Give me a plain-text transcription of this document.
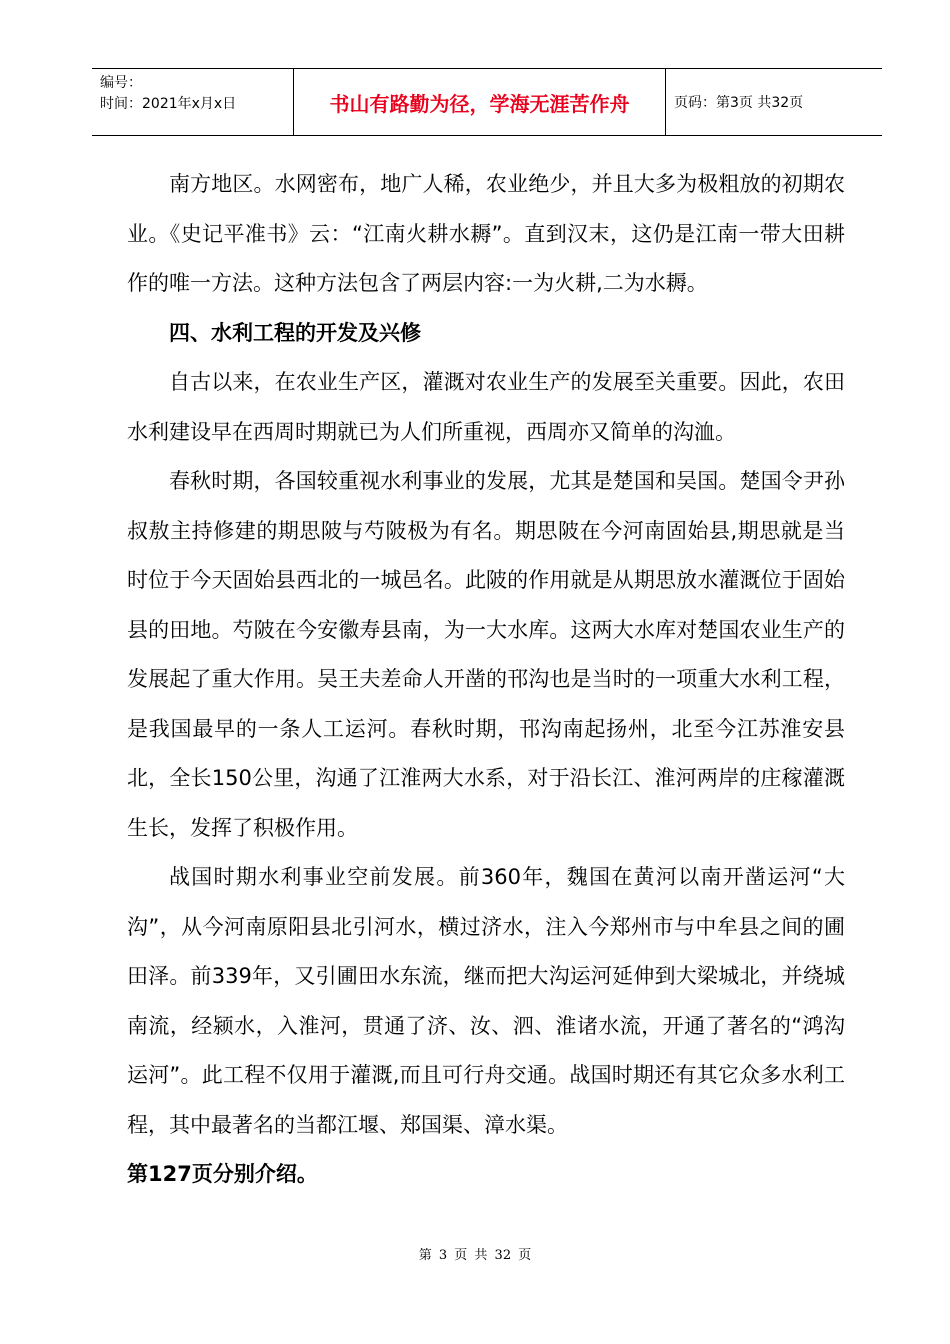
编号：
时间：2021年x月x日	书山有路勤为径，学海无涯苦作舟	页码：第3页 共32页

南方地区。水网密布，地广人稀，农业绝少，并且大多为极粗放的初期农业。《史记平准书》云：“江南火耕水耨”。直到汉末，这仍是江南一带大田耕作的唯一方法。这种方法包含了两层内容:一为火耕,二为水耨。

四、水利工程的开发及兴修

自古以来，在农业生产区，灌溉对农业生产的发展至关重要。因此，农田水利建设早在西周时期就已为人们所重视，西周亦又简单的沟洫。

春秋时期，各国较重视水利事业的发展，尤其是楚国和吴国。楚国令尹孙叔敖主持修建的期思陂与芍陂极为有名。期思陂在今河南固始县,期思就是当时位于今天固始县西北的一城邑名。此陂的作用就是从期思放水灌溉位于固始县的田地。芍陂在今安徽寿县南，为一大水库。这两大水库对楚国农业生产的发展起了重大作用。吴王夫差命人开凿的邗沟也是当时的一项重大水利工程，是我国最早的一条人工运河。春秋时期，邗沟南起扬州，北至今江苏淮安县北，全长150公里，沟通了江淮两大水系，对于沿长江、淮河两岸的庄稼灌溉生长，发挥了积极作用。

战国时期水利事业空前发展。前360年，魏国在黄河以南开凿运河“大沟”，从今河南原阳县北引河水，横过济水，注入今郑州市与中牟县之间的圃田泽。前339年，又引圃田水东流，继而把大沟运河延伸到大梁城北，并绕城南流，经颍水，入淮河，贯通了济、汝、泗、淮诸水流，开通了著名的“鸿沟运河”。此工程不仅用于灌溉,而且可行舟交通。战国时期还有其它众多水利工程，其中最著名的当都江堰、郑国渠、漳水渠。

第127页分别介绍。

第 3 页 共 32 页
